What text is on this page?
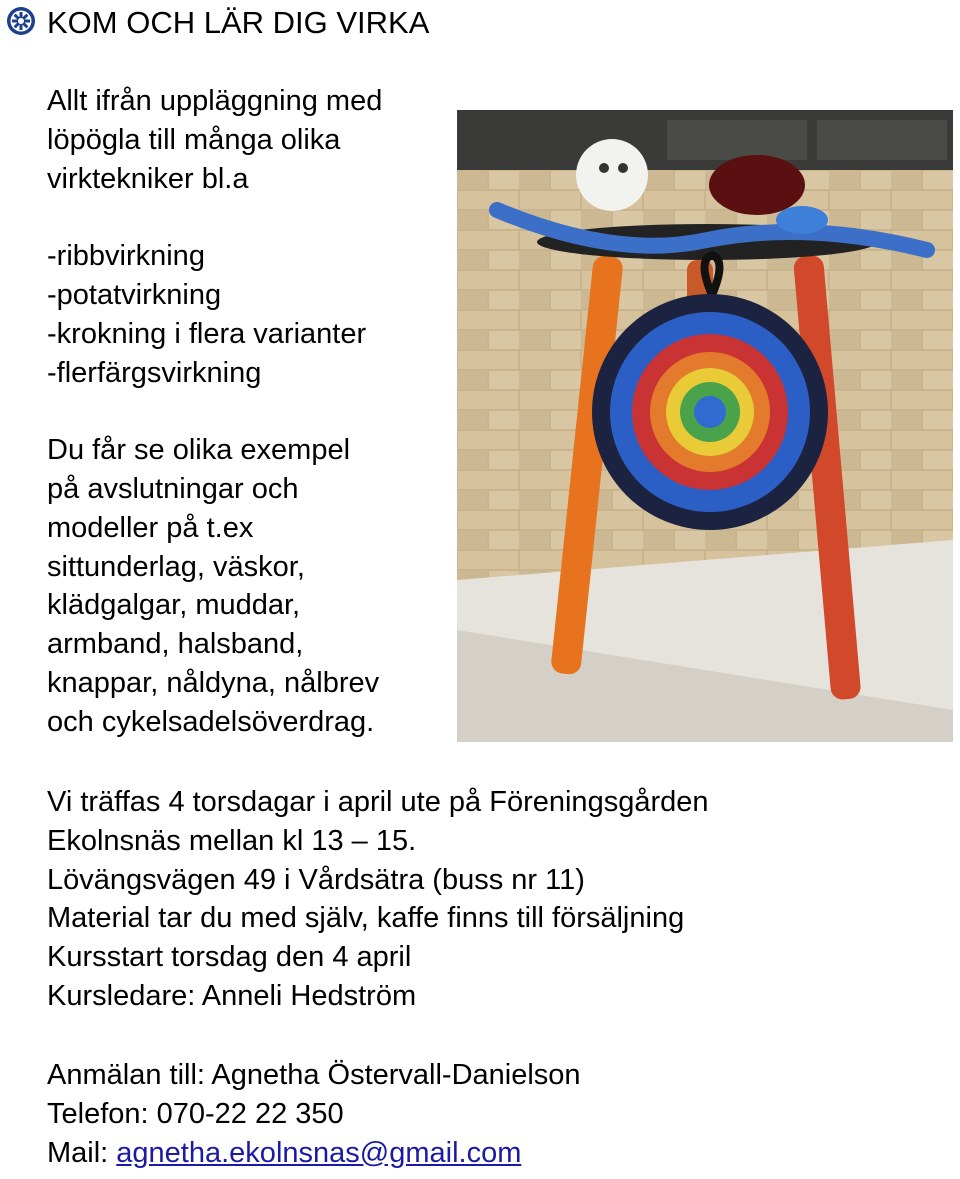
KOM OCH LÄR DIG VIRKA

Allt ifrån uppläggning med

löpögla till många olika

virktekniker bl.a

-ribbvirkning

-potatvirkning

-krokning i flera varianter

-flerfärgsvirkning

Du får se olika exempel

på avslutningar och

modeller på t.ex

sittunderlag, väskor,

klädgalgar, muddar,

armband, halsband,

knappar, nåldyna, nålbrev

och cykelsadelsöverdrag.

Vi träffas 4 torsdagar i april ute på Föreningsgården

Ekolnsnäs mellan kl 13 – 15.

Lövängsvägen 49 i Vårdsätra (buss nr 11)

Material tar du med själv, kaffe finns till försäljning

Kursstart torsdag den 4 april

Kursledare: Anneli Hedström

Anmälan till: Agnetha Östervall-Danielson

Telefon: 070-22 22 350

Mail: agnetha.ekolnsnas@gmail.com
